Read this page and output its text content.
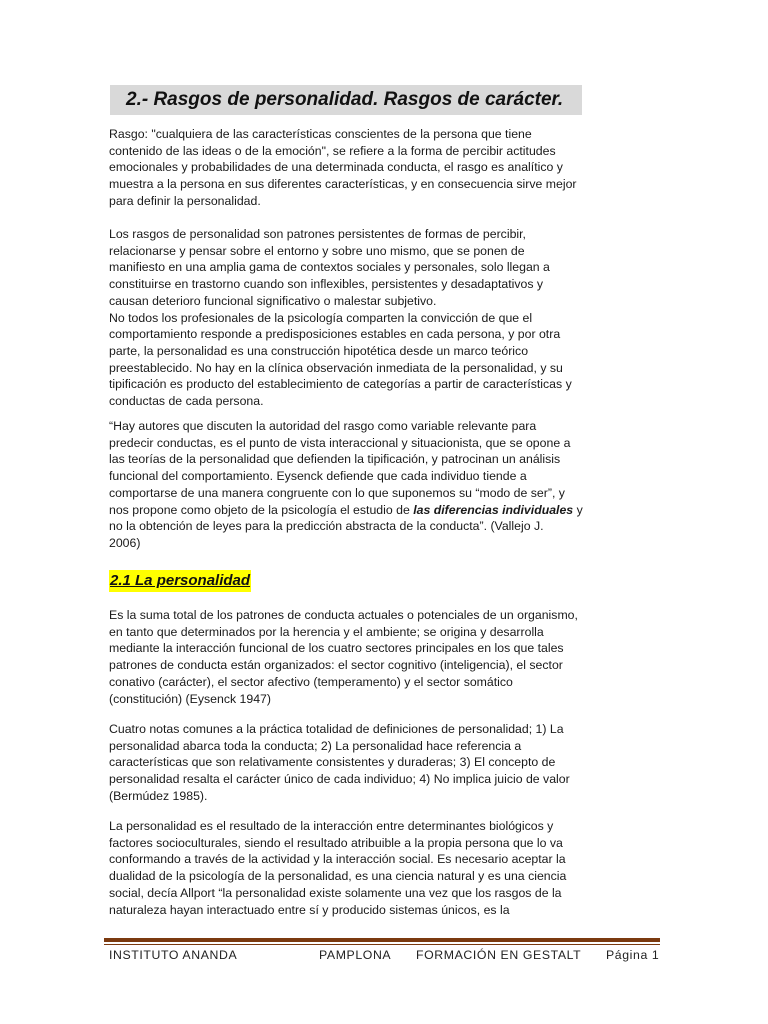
2.- Rasgos de personalidad. Rasgos de carácter.
Rasgo: "cualquiera de las características conscientes de la persona que tiene
contenido de las ideas o de la emoción", se refiere a la forma de percibir actitudes
emocionales y probabilidades de una determinada conducta, el rasgo es analítico y
muestra a la persona en sus diferentes características, y en consecuencia sirve mejor
para definir la personalidad.
Los rasgos de personalidad son patrones persistentes de formas de percibir,
relacionarse y pensar sobre el entorno y sobre uno mismo, que se ponen de
manifiesto en una amplia gama de contextos sociales y personales, solo llegan a
constituirse en trastorno cuando son inflexibles, persistentes y desadaptativos y
causan deterioro funcional significativo o malestar subjetivo.
No todos los profesionales de la psicología comparten la convicción de que el
comportamiento responde a predisposiciones estables en cada persona, y por otra
parte, la personalidad es una construcción hipotética desde un marco teórico
preestablecido. No hay en la clínica observación inmediata de la personalidad, y su
tipificación es producto del establecimiento de categorías a partir de características y
conductas de cada persona.
“Hay autores que discuten la autoridad del rasgo como variable relevante para
predecir conductas, es el punto de vista interaccional y situacionista, que se opone a
las teorías de la personalidad que defienden la tipificación, y patrocinan un análisis
funcional del comportamiento. Eysenck defiende que cada individuo tiende a
comportarse de una manera congruente con lo que suponemos su “modo de ser”, y
nos propone como objeto de la psicología el estudio de las diferencias individuales y
no la obtención de leyes para la predicción abstracta de la conducta”. (Vallejo J.
2006)
2.1 La personalidad
Es la suma total de los patrones de conducta actuales o potenciales de un organismo,
en tanto que determinados por la herencia y el ambiente; se origina y desarrolla
mediante la interacción funcional de los cuatro sectores principales en los que tales
patrones de conducta están organizados: el sector cognitivo (inteligencia), el sector
conativo (carácter), el sector afectivo (temperamento) y el sector somático
(constitución) (Eysenck 1947)
Cuatro notas comunes a la práctica totalidad de definiciones de personalidad; 1) La
personalidad abarca toda la conducta; 2) La personalidad hace referencia a
características que son relativamente consistentes y duraderas; 3) El concepto de
personalidad resalta el carácter único de cada individuo; 4) No implica juicio de valor
(Bermúdez 1985).
La personalidad es el resultado de la interacción entre determinantes biológicos y
factores socioculturales, siendo el resultado atribuible a la propia persona que lo va
conformando a través de la actividad y la interacción social. Es necesario aceptar la
dualidad de la psicología de la personalidad, es una ciencia natural y es una ciencia
social, decía Allport “la personalidad existe solamente una vez que los rasgos de la
naturaleza hayan interactuado entre sí y producido sistemas únicos, es la
INSTITUTO ANANDA	PAMPLONA FORMACIÓN EN GESTALT Página 1
